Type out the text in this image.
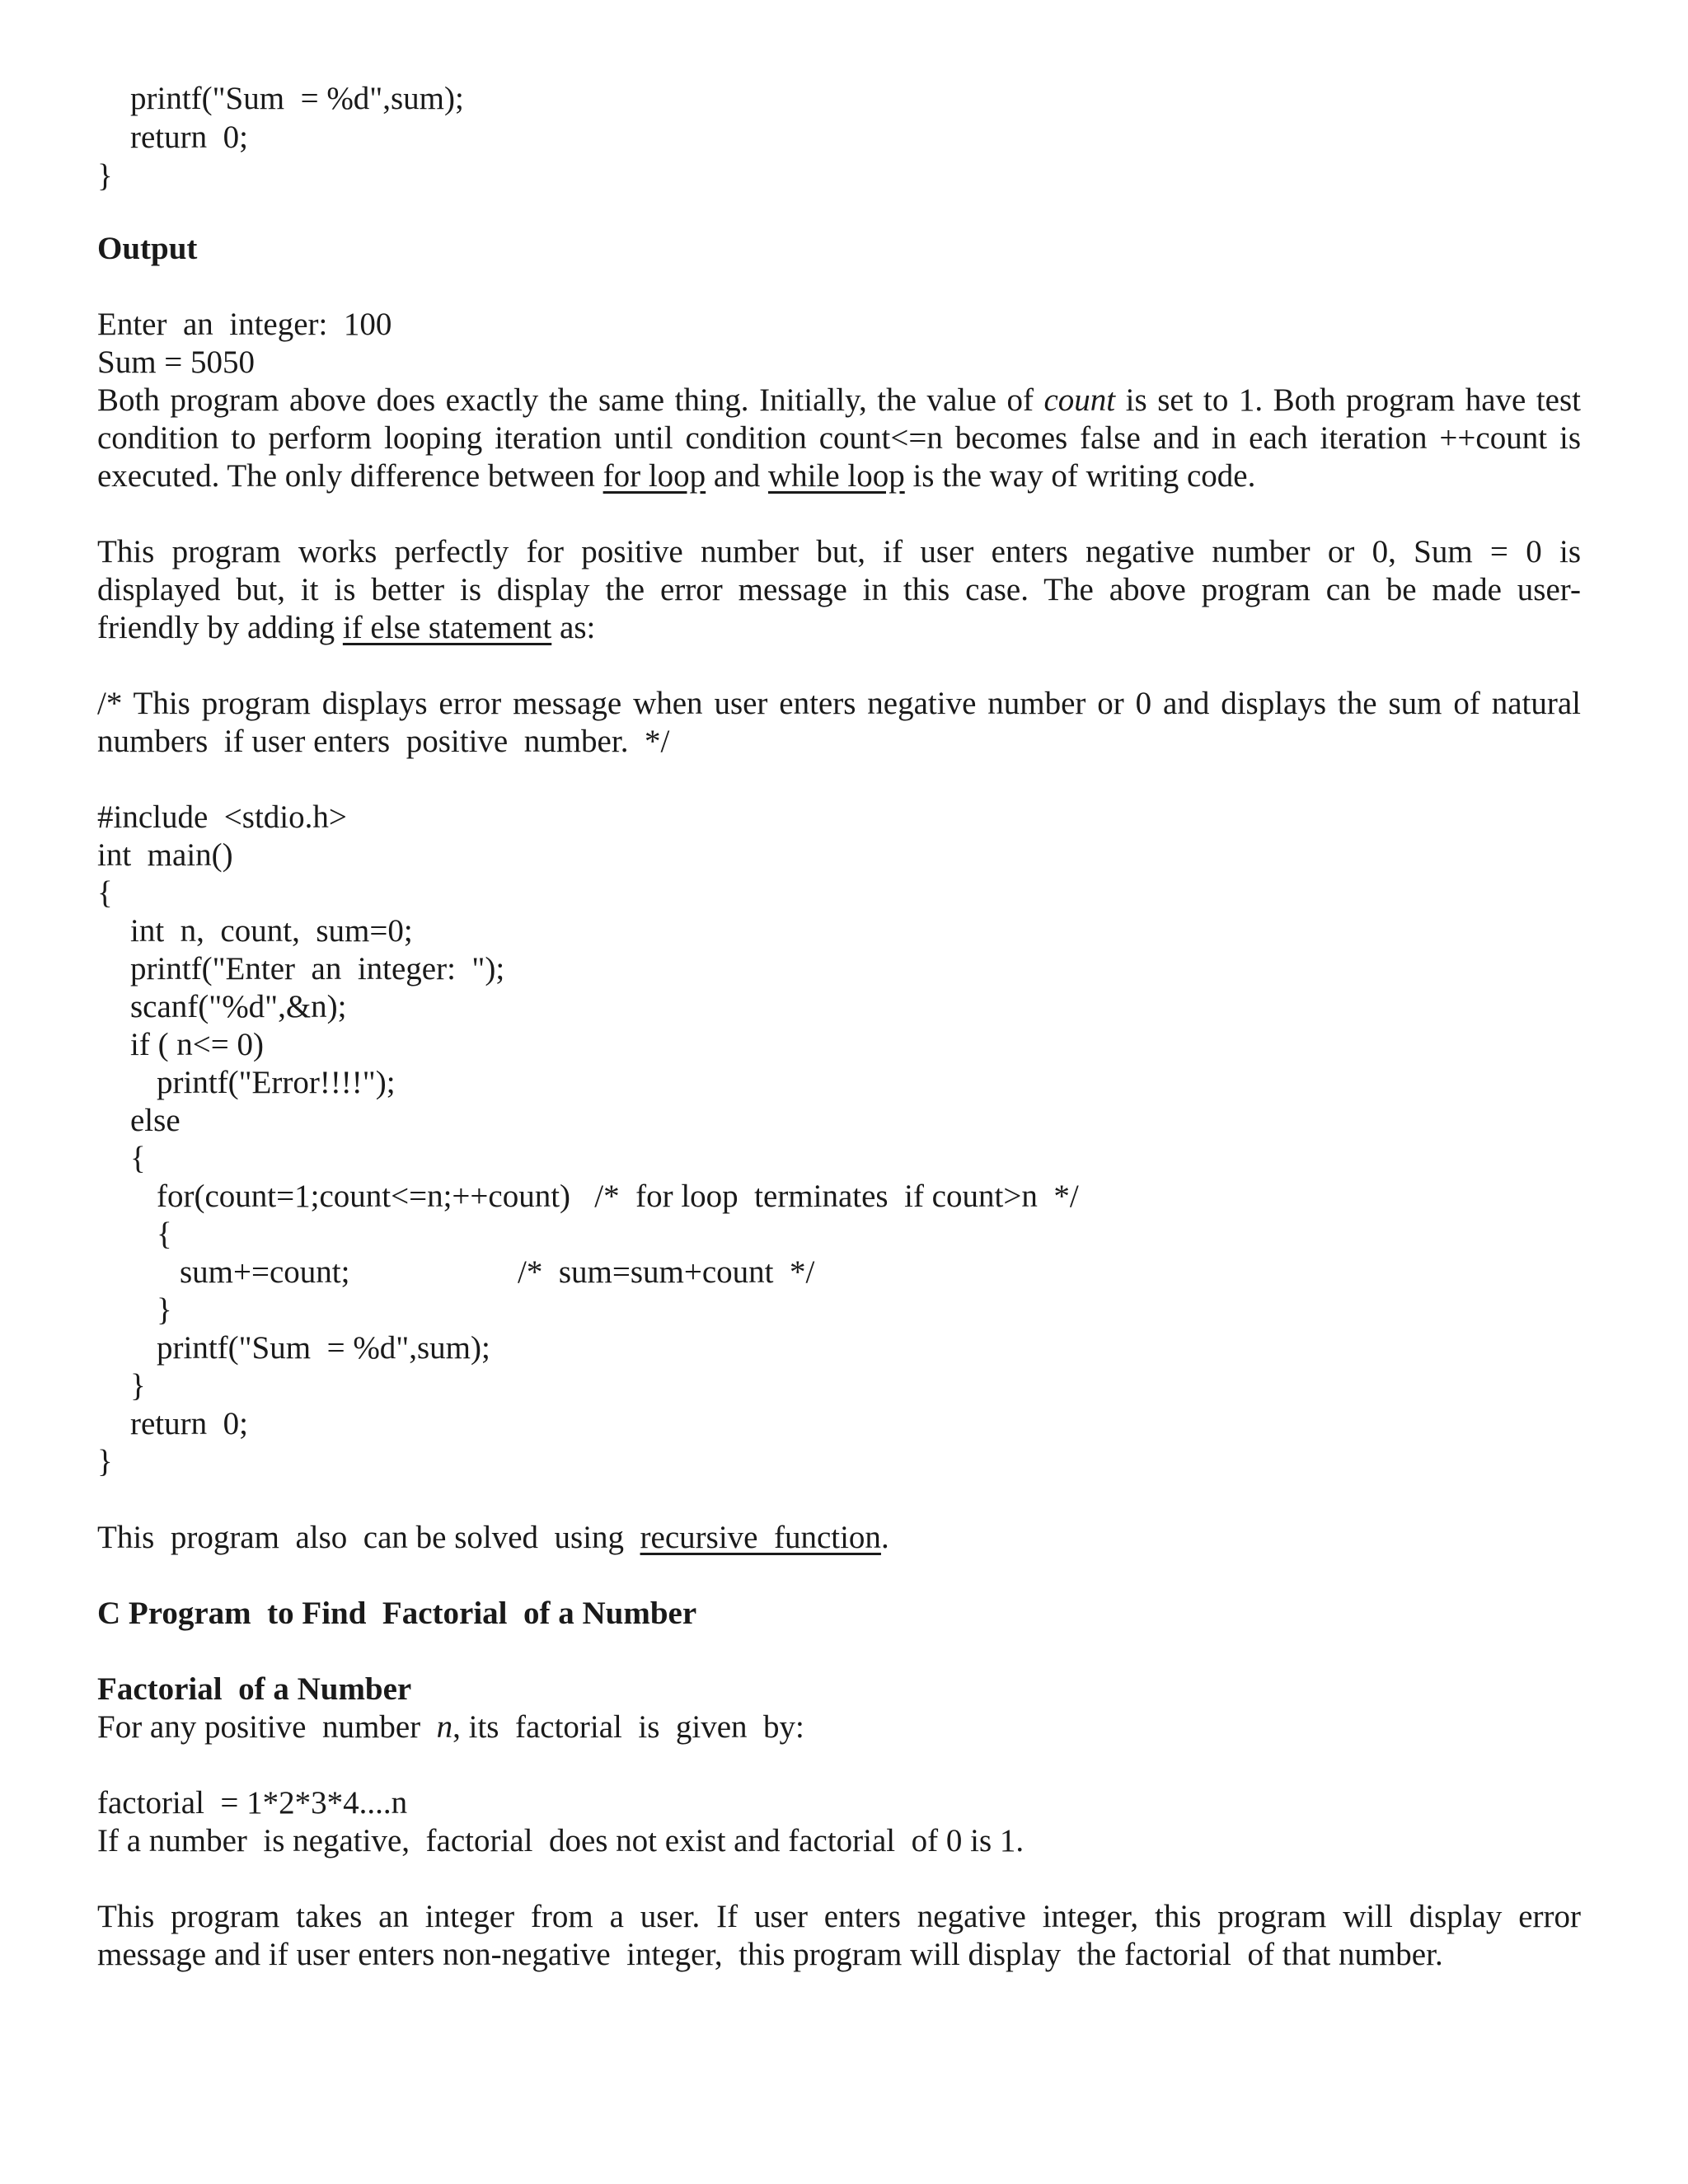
printf("Sum  = %d",sum);
return  0;
}
Output
Enter  an  integer:  100
Sum = 5050
Both program above does exactly the same thing. Initially, the value of count is set to 1. Both program have test
condition to perform looping iteration until condition count<=n becomes false and in each iteration ++count is
executed. The only difference between for loop and while loop is the way of writing code.
This program works perfectly for positive number but, if user enters negative number or 0, Sum = 0 is
displayed but, it is better is display the error message in this case. The above program can be made user-
friendly by adding if else statement as:
/* This program displays error message when user enters negative number or 0 and displays the sum of natural
numbers  if user enters  positive  number.  */
#include  <stdio.h>
int  main()
{
int  n,  count,  sum=0;
printf("Enter  an  integer:  ");
scanf("%d",&n);
if ( n<= 0)
printf("Error!!!!");
else
{
for(count=1;count<=n;++count)   /*  for loop  terminates  if count>n  */
{
sum+=count;	/*  sum=sum+count  */
}
printf("Sum  = %d",sum);
}
return  0;
}
This  program  also  can be solved  using  recursive  function.
C Program  to Find  Factorial  of a Number
Factorial  of a Number
For any positive  number  n, its  factorial  is  given  by:
factorial  = 1*2*3*4....n
If a number  is negative,  factorial  does not exist and factorial  of 0 is 1.
This program takes an integer from a user. If user enters negative integer, this program will display error
message and if user enters non-negative  integer,  this program will display  the factorial  of that number.
